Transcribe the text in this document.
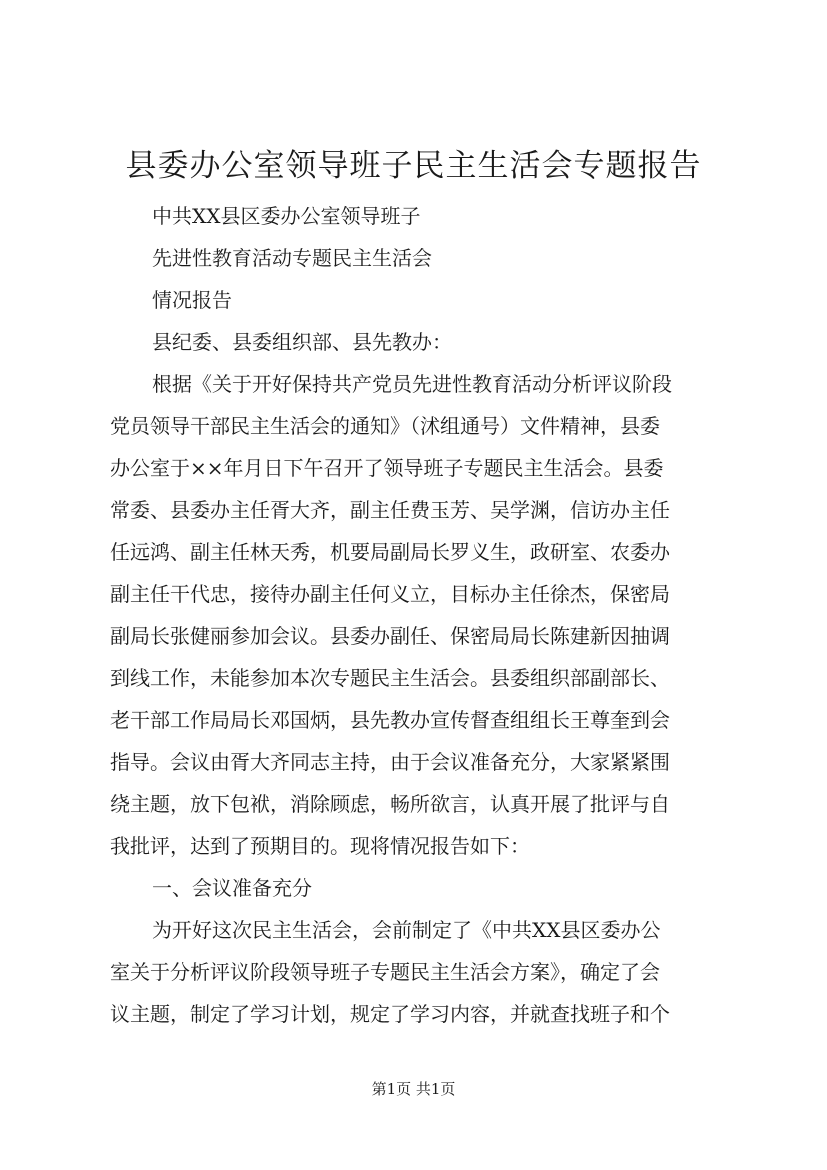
县委办公室领导班子民主生活会专题报告
中共XX县区委办公室领导班子
先进性教育活动专题民主生活会
情况报告
县纪委、县委组织部、县先教办：
根据《关于开好保持共产党员先进性教育活动分析评议阶段
党员领导干部民主生活会的通知》（沭组通号）文件精神，县委
办公室于××年月日下午召开了领导班子专题民主生活会。县委
常委、县委办主任胥大齐，副主任费玉芳、吴学渊，信访办主任
任远鸿、副主任林天秀，机要局副局长罗义生，政研室、农委办
副主任干代忠，接待办副主任何义立，目标办主任徐杰，保密局
副局长张健丽参加会议。县委办副任、保密局局长陈建新因抽调
到线工作，未能参加本次专题民主生活会。县委组织部副部长、
老干部工作局局长邓国炳，县先教办宣传督查组组长王尊奎到会
指导。会议由胥大齐同志主持，由于会议准备充分，大家紧紧围
绕主题，放下包袱，消除顾虑，畅所欲言，认真开展了批评与自
我批评，达到了预期目的。现将情况报告如下：
一、会议准备充分
为开好这次民主生活会，会前制定了《中共XX县区委办公
室关于分析评议阶段领导班子专题民主生活会方案》，确定了会
议主题，制定了学习计划，规定了学习内容，并就查找班子和个
第1页 共1页
